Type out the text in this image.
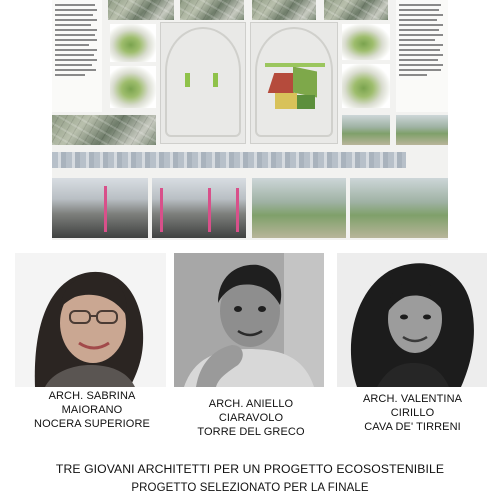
ARCH. SABRINA
MAIORANO
NOCERA SUPERIORE
ARCH. ANIELLO
CIARAVOLO
TORRE DEL GRECO
ARCH. VALENTINA
CIRILLO
CAVA DE' TIRRENI
TRE GIOVANI ARCHITETTI PER UN PROGETTO ECOSOSTENIBILE
PROGETTO SELEZIONATO PER LA FINALE
